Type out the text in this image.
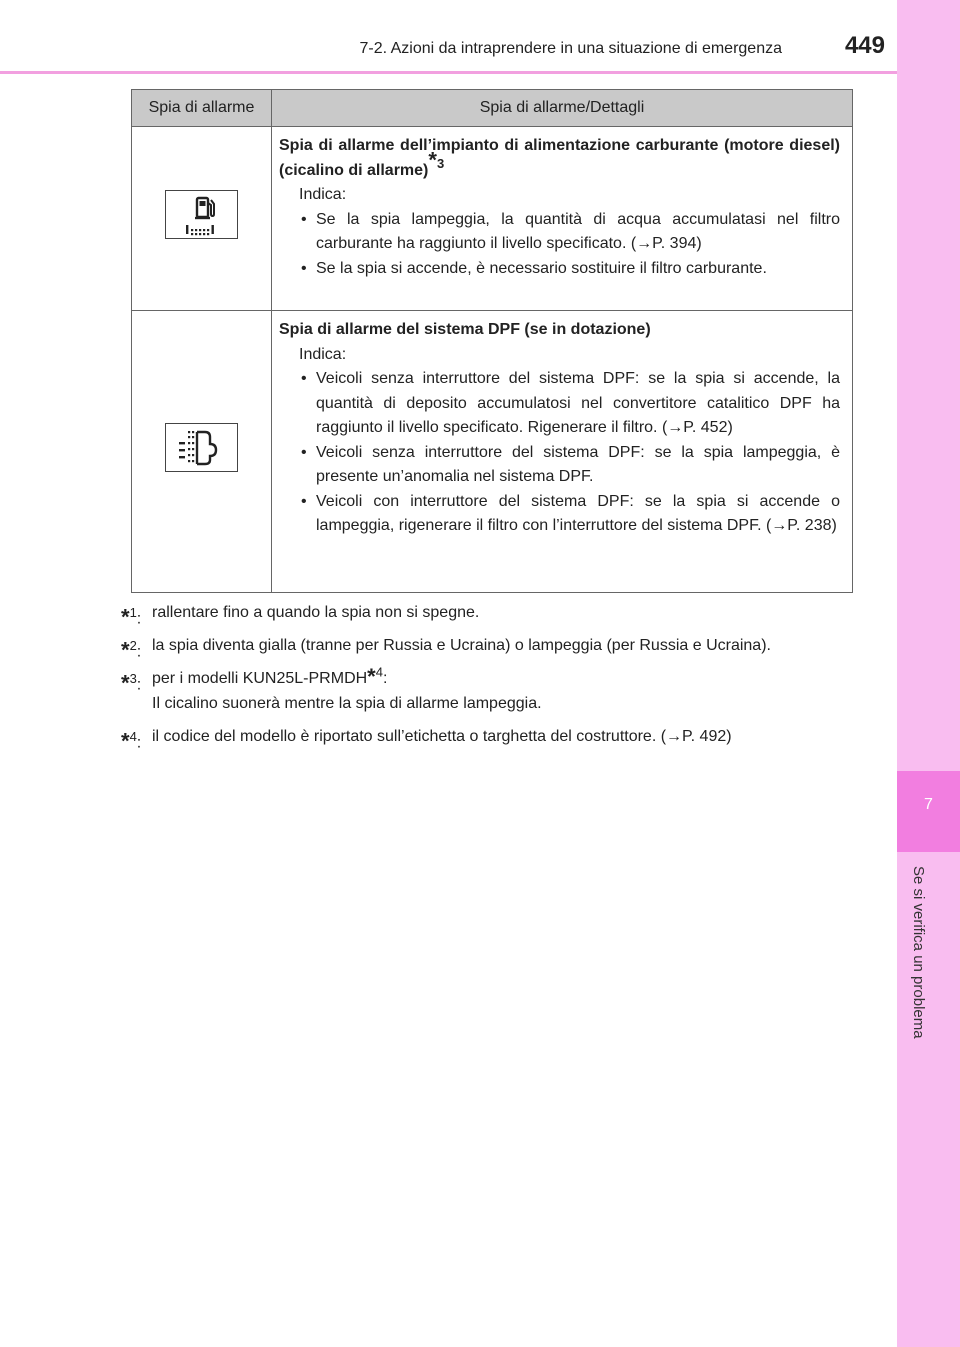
7-2. Azioni da intraprendere in una situazione di emergenza	449
7
Se si verifica un problema
Spia di allarme	Spia di allarme/Dettagli

Spia di allarme dell’impianto di alimentazione carburante (motore diesel) (cicalino di allarme)*$^3$
Indica:
• Se la spia lampeggia, la quantità di acqua accumulatasi nel filtro carburante ha raggiunto il livello specificato. (→P. 394)
• Se la spia si accende, è necessario sostituire il filtro carburante.

Spia di allarme del sistema DPF (se in dotazione)
Indica:
• Veicoli senza interruttore del sistema DPF: se la spia si accende, la quantità di deposito accumulatosi nel convertitore catalitico DPF ha raggiunto il livello specificato. Rigenerare il filtro. (→P. 452)
• Veicoli senza interruttore del sistema DPF: se la spia lampeggia, è presente un’anomalia nel sistema DPF.
• Veicoli con interruttore del sistema DPF: se la spia si accende o lampeggia, rigenerare il filtro con l’interruttore del sistema DPF. (→P. 238)
*$^1$: rallentare fino a quando la spia non si spegne.
*$^2$: la spia diventa gialla (tranne per Russia e Ucraina) o lampeggia (per Russia e Ucraina).
*$^3$: per i modelli KUN25L-PRMDH*$^4$:
Il cicalino suonerà mentre la spia di allarme lampeggia.
*$^4$: il codice del modello è riportato sull’etichetta o targhetta del costruttore. (→P. 492)
